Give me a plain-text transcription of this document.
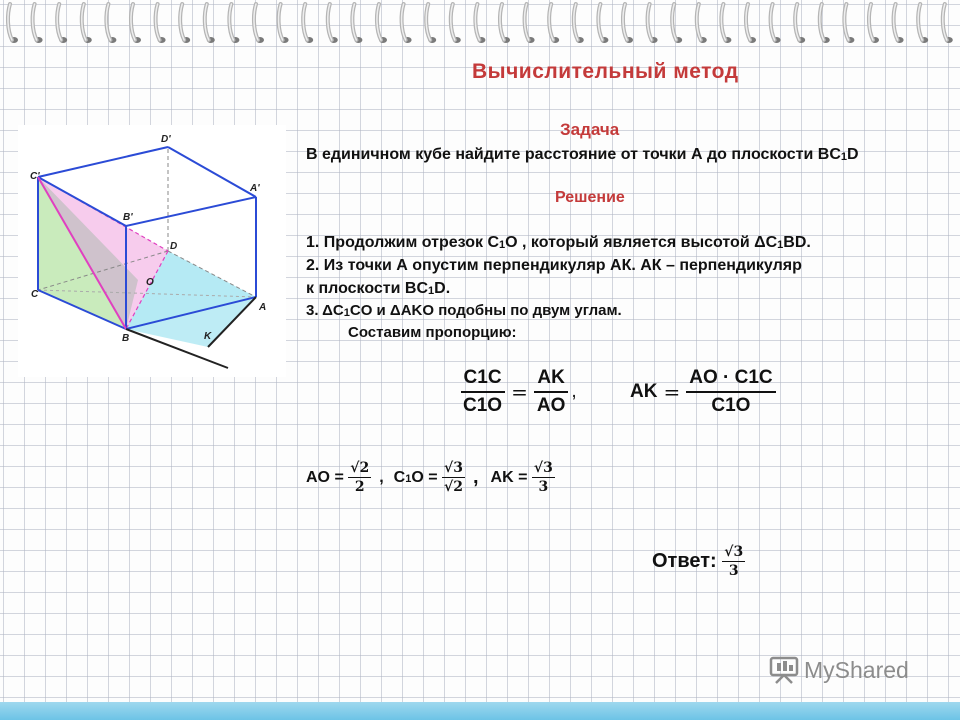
Вычислительный метод
C'
D'
A'
B'
D
O
C
B
A
K
Задача
В единичном кубе найдите расстояние от точки А до плоскости $BC_1D$
Решение
1. Продолжим отрезок $C_1O$ , который является высотой $\Delta C_1BD$.
2. Из точки А опустим перпендикуляр АК. АК – перпендикуляр
к плоскости $BC_1D$.
3. $\Delta C_1CO$ и ΔAKO подобны по двум углам.
Составим пропорцию:
$\frac{C1C}{C1O} = \frac{AK}{AO}$ ,	AK = $\frac{AO \cdot C1C}{C1O}$
AO =
$\frac{√2}{2}$ , $C_1$ O =
$\frac{√3}{√2}$ , AK =
$\frac{√3}{3}$
Ответ:
$\frac{√3}{3}$
MyShared
